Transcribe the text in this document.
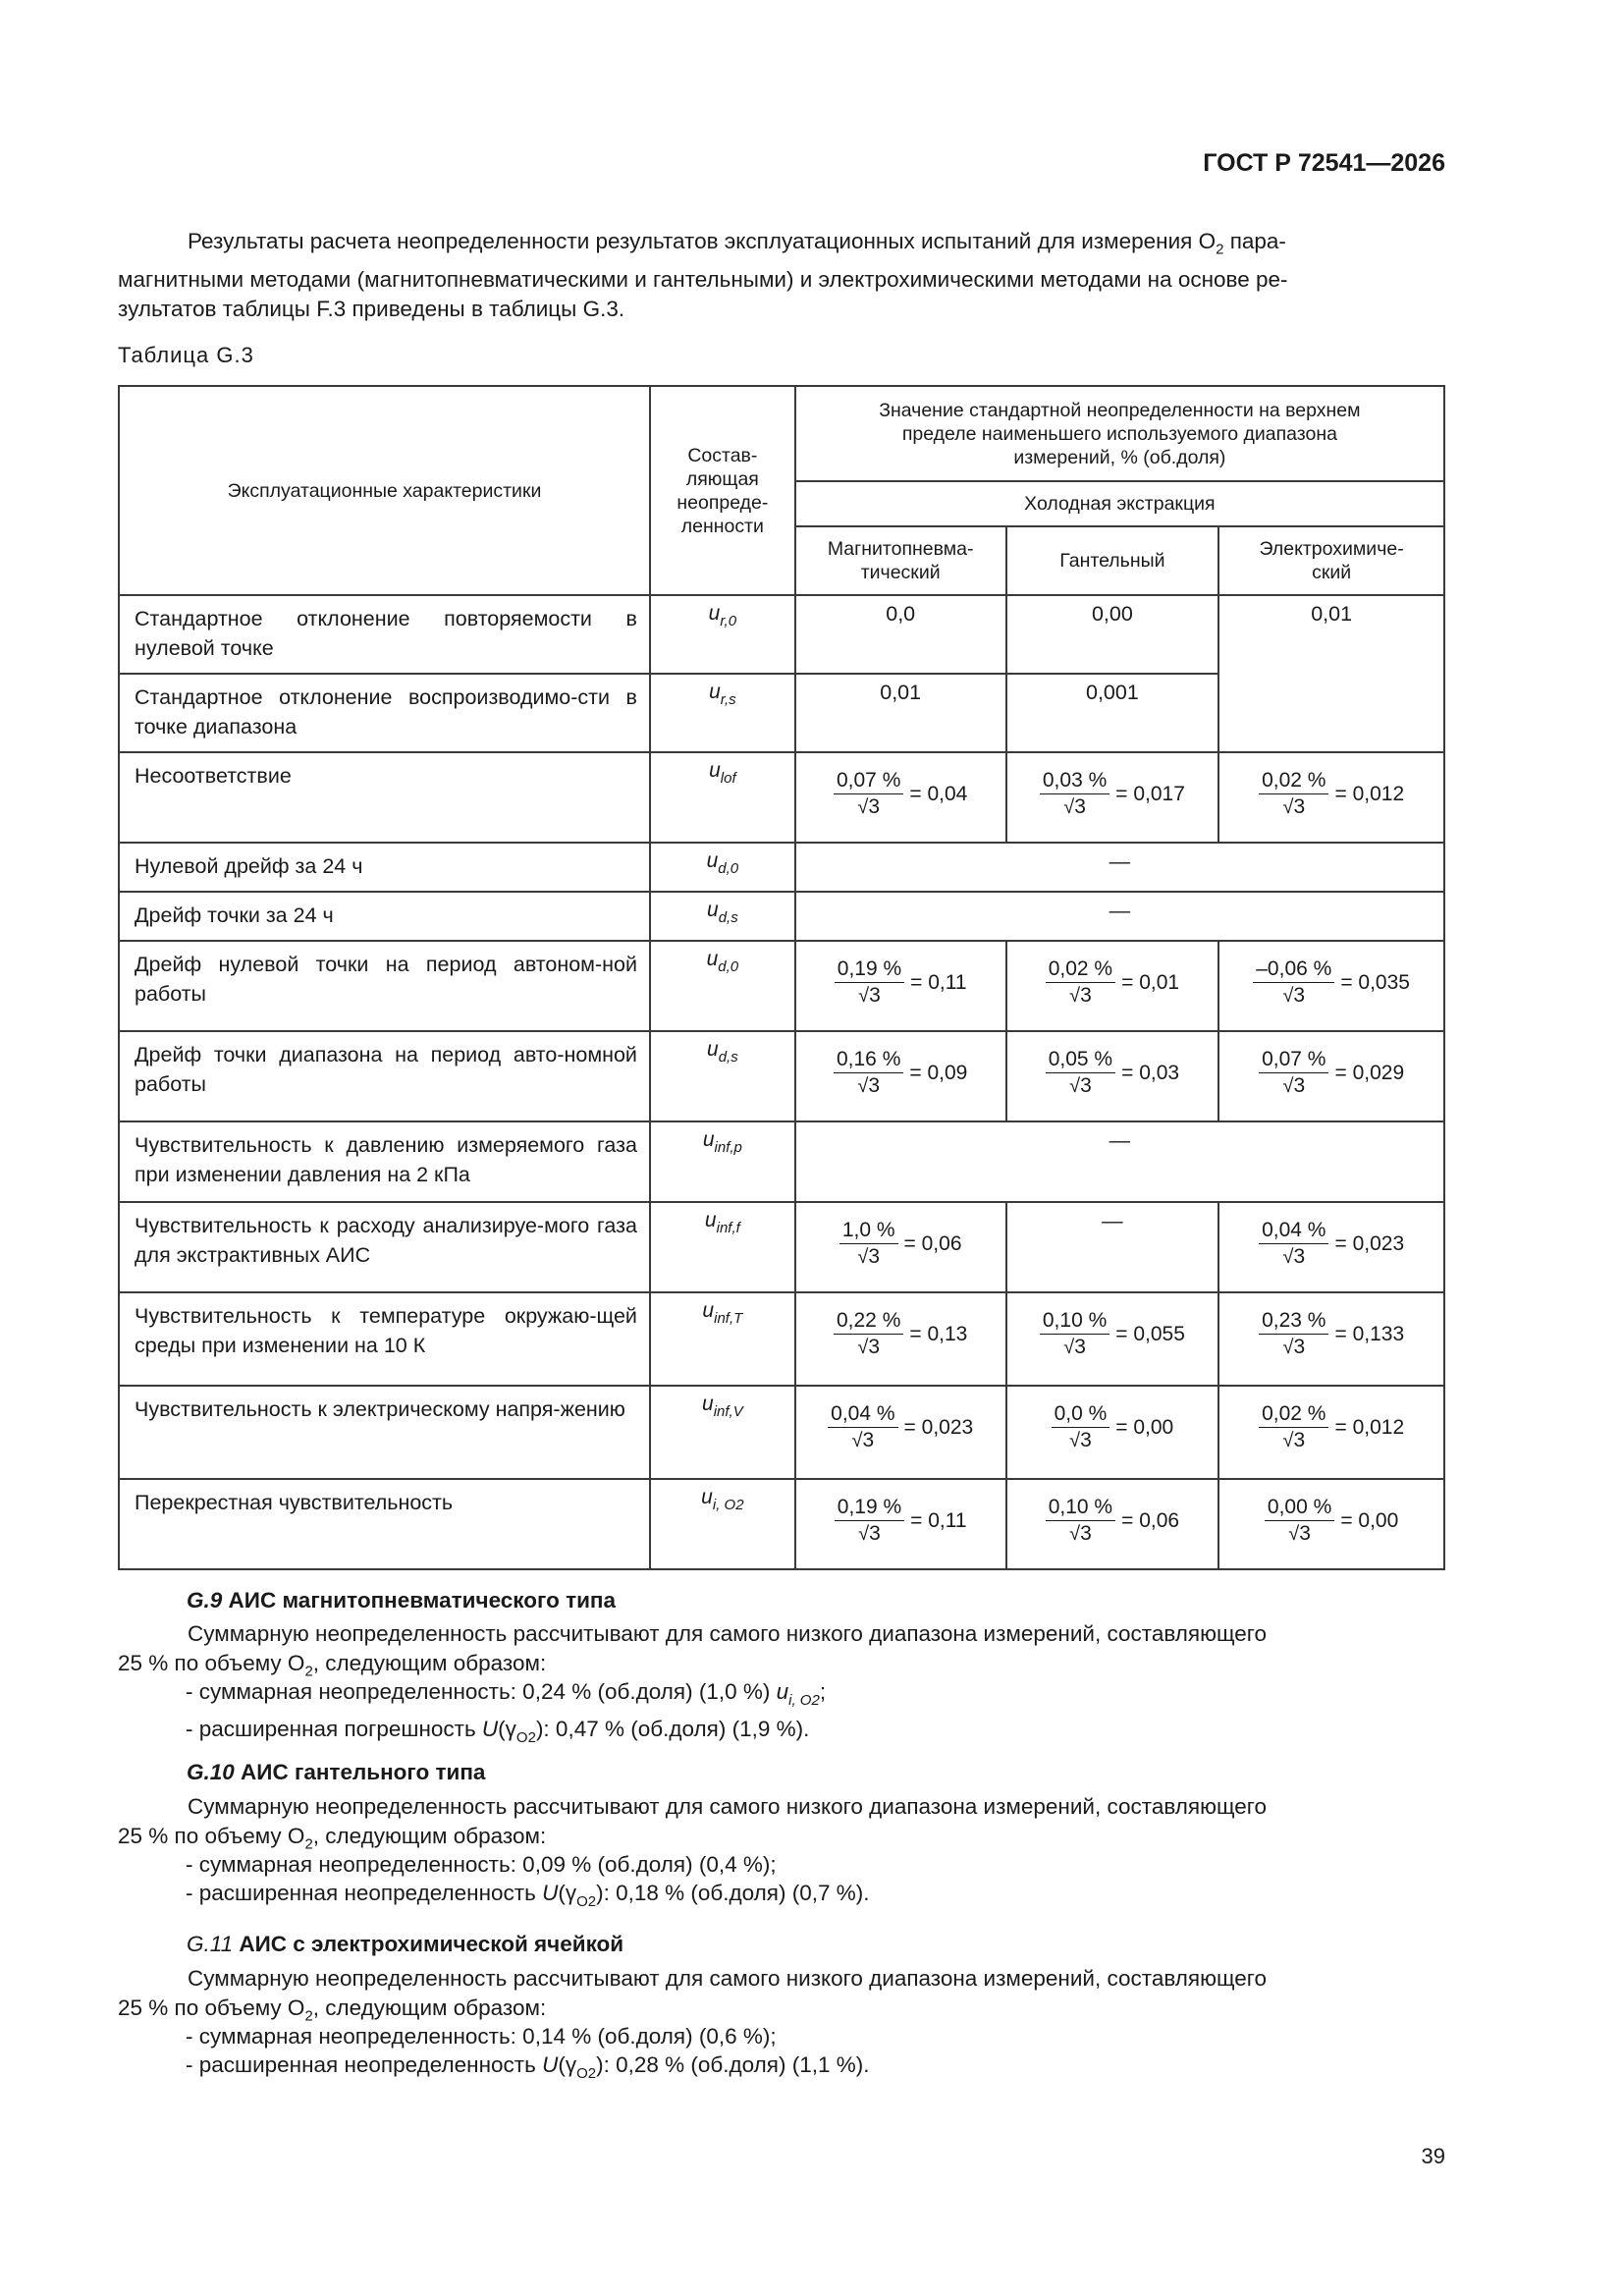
ГОСТ Р 72541—2026

Результаты расчета неопределенности результатов эксплуатационных испытаний для измерения $O_2$ пара-

магнитными методами (магнитопневматическими и гантельными) и электрохимическими методами на основе ре-

зультатов таблицы F.3 приведены в таблицы G.3.

Таблица G.3
Эксплуатационные характеристики	Состав-
ляющая
неопреде-
ленности	Значение стандартной неопределенности на верхнем
пределе наименьшего используемого диапазона
измерений, % (об.доля)		
		Холодная экстракция		
		Магнитопневма-
тический	Гантельный	Электрохимиче-
ский
Стандартное отклонение повторяемости в нулевой точке	$u_{r,0}$	0,0	0,00	0,01
Стандартное отклонение воспроизводимо-сти в точке диапазона	$u_{r,s}$	0,01	0,001	
Несоответствие	$u_{lof}$	$\frac{0,07 \%}{√3} = 0,04$	$\frac{0,03 \%}{√3} = 0,017$	$\frac{0,02 \%}{√3} = 0,012$

Нулевой дрейф за 24 ч	$u_{d,0}$	—		
Дрейф точки за 24 ч	$u_{d,s}$	—		
Дрейф нулевой точки на период автоном-ной работы	$u_{d,0}$	$\frac{0,19 \%}{√3} = 0,11$	$\frac{0,02 \%}{√3} = 0,01$	$\frac{-0,06 \%}{√3} = 0,035$

Дрейф точки диапазона на период авто-номной работы	$u_{d,s}$	$\frac{0,16 \%}{√3} = 0,09$	$\frac{0,05 \%}{√3} = 0,03$	$\frac{0,07 \%}{√3} = 0,029$

Чувствительность к давлению измеряемого газа при изменении давления на 2 кПа	$u_{inf,p}$	—		
Чувствительность к расходу анализируе-мого газа для экстрактивных АИС	$u_{inf,f}$	$\frac{1,0 \%}{√3} = 0,06$	—	$\frac{0,04 \%}{√3} = 0,023$

Чувствительность к температуре окружаю-щей среды при изменении на 10 К	$u_{inf,T}$	$\frac{0,22 \%}{√3} = 0,13$	$\frac{0,10 \%}{√3} = 0,055$	$\frac{0,23 \%}{√3} = 0,133$

Чувствительность к электрическому напря-жению	$u_{inf,V}$	$\frac{0,04 \%}{√3} = 0,023$	$\frac{0,0 \%}{√3} = 0,00$	$\frac{0,02 \%}{√3} = 0,012$

Перекрестная чувствительность	$u_{i, O2}$	$\frac{0,19 \%}{√3} = 0,11$	$\frac{0,10 \%}{√3} = 0,06$	$\frac{0,00 \%}{√3} = 0,00$
G.9 АИС магнитопневматического типа

Суммарную неопределенность рассчитывают для самого низкого диапазона измерений, составляющего

25 % по объему $O_2$, следующим образом:

- суммарная неопределенность: 0,24 % (об.доля) (1,0 %) $u_{i, O2}$;
- расширенная погрешность $U(\gamma_{O2})$: 0,47 % (об.доля) (1,9 %).
G.10 АИС гантельного типа

Суммарную неопределенность рассчитывают для самого низкого диапазона измерений, составляющего

25 % по объему $O_2$, следующим образом:

- суммарная неопределенность: 0,09 % (об.доля) (0,4 %);
- расширенная неопределенность $U(\gamma_{O2})$: 0,18 % (об.доля) (0,7 %).
G.11 АИС с электрохимической ячейкой

Суммарную неопределенность рассчитывают для самого низкого диапазона измерений, составляющего

25 % по объему $O_2$, следующим образом:

- суммарная неопределенность: 0,14 % (об.доля) (0,6 %);
- расширенная неопределенность $U(\gamma_{O2})$: 0,28 % (об.доля) (1,1 %).
39
